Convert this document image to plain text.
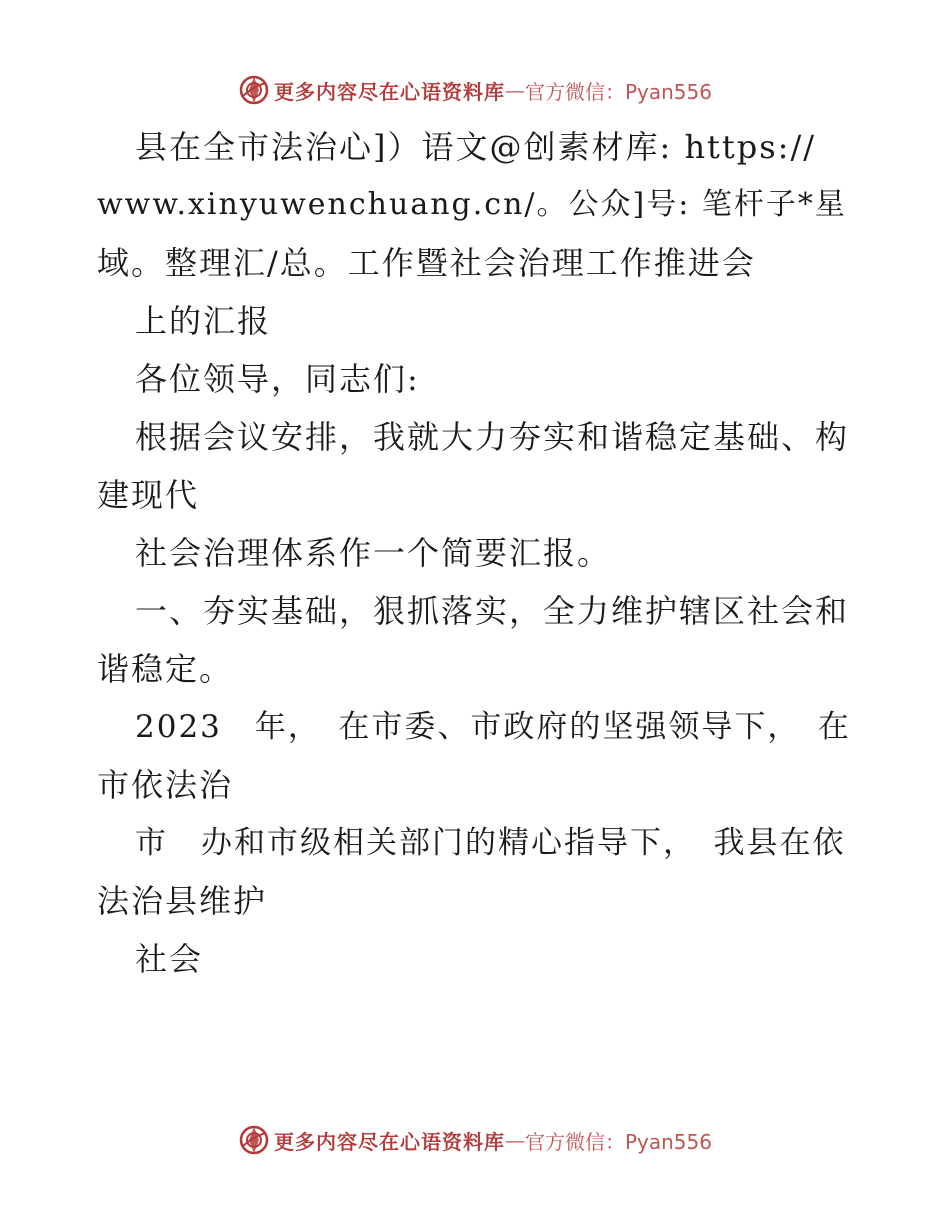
更多内容尽在心语资料库 — 官方微信：Pyan556
县在全市法治心]）语文@创素材库: https://
www.xinyuwenchuang.cn/。公众]号: 笔杆子*星
域。整理汇/总。工作暨社会治理工作推进会
上的汇报
各位领导，同志们:
根据会议安排，我就大力夯实和谐稳定基础、构
建现代
社会治理体系作一个简要汇报。
一、夯实基础，狠抓落实，全力维护辖区社会和
谐稳定。
2023　年，　在市委、市政府的坚强领导下，　在
市依法治
市　办和市级相关部门的精心指导下，　我县在依
法治县维护
社会
更多内容尽在心语资料库 — 官方微信：Pyan556
